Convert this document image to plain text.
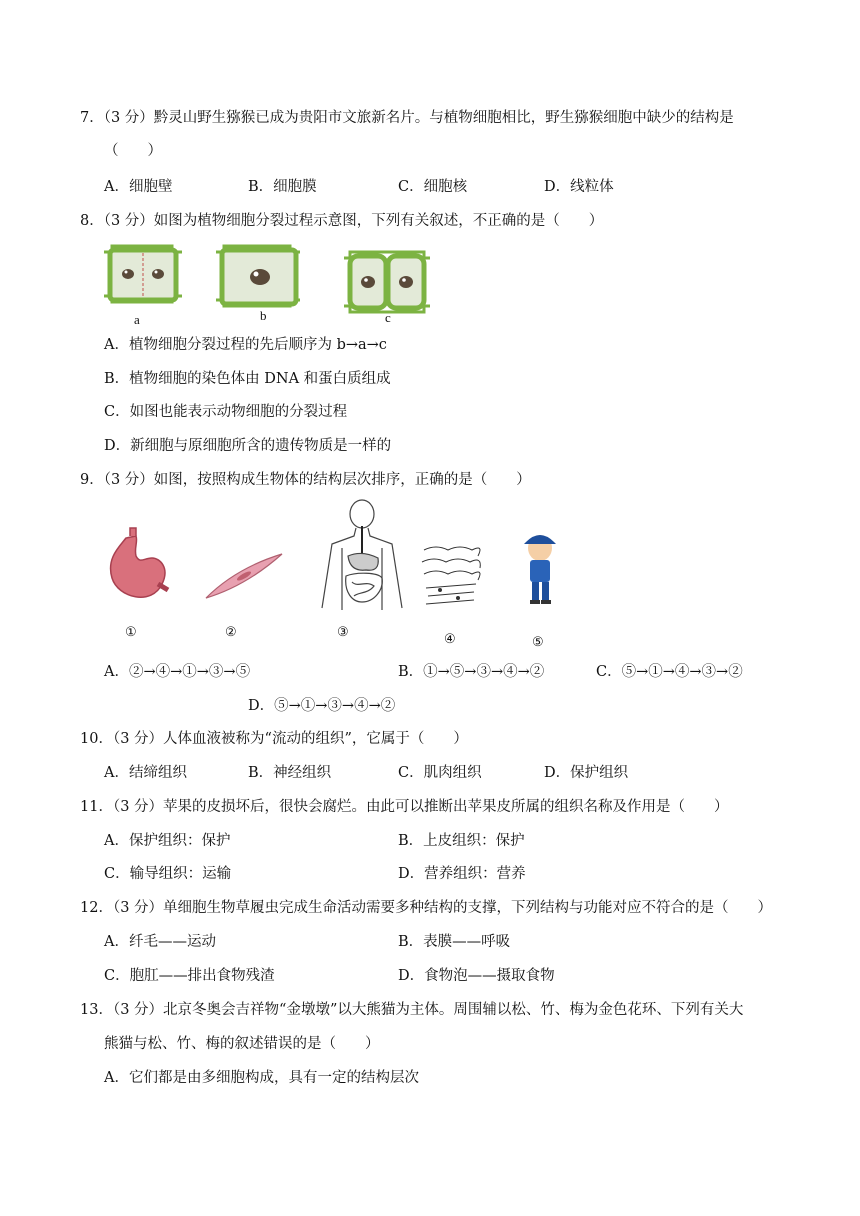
7．（3 分）黔灵山野生猕猴已成为贵阳市文旅新名片。与植物细胞相比，野生猕猴细胞中缺少的结构是
（　　）
A．细胞壁	B．细胞膜	C．细胞核	D．线粒体
8．（3 分）如图为植物细胞分裂过程示意图，下列有关叙述，不正确的是（　　）
a	b	c
A．植物细胞分裂过程的先后顺序为 b→a→c
B．植物细胞的染色体由 DNA 和蛋白质组成
C．如图也能表示动物细胞的分裂过程
D．新细胞与原细胞所含的遗传物质是一样的
9．（3 分）如图，按照构成生物体的结构层次排序，正确的是（　　）
①	②	③	④	⑤
A．②→④→①→③→⑤	B．①→⑤→③→④→②	C．⑤→①→④→③→②
D．⑤→①→③→④→②
10．（3 分）人体血液被称为“流动的组织”，它属于（　　）
A．结缔组织	B．神经组织	C．肌肉组织	D．保护组织
11．（3 分）苹果的皮损坏后，很快会腐烂。由此可以推断出苹果皮所属的组织名称及作用是（　　）
A．保护组织：保护	B．上皮组织：保护
C．输导组织：运输	D．营养组织：营养
12．（3 分）单细胞生物草履虫完成生命活动需要多种结构的支撑，下列结构与功能对应不符合的是（　　）
A．纤毛——运动	B．表膜——呼吸
C．胞肛——排出食物残渣	D．食物泡——摄取食物
13．（3 分）北京冬奥会吉祥物“金墩墩”以大熊猫为主体。周围辅以松、竹、梅为金色花环、下列有关大
熊猫与松、竹、梅的叙述错误的是（　　）
A．它们都是由多细胞构成，具有一定的结构层次
